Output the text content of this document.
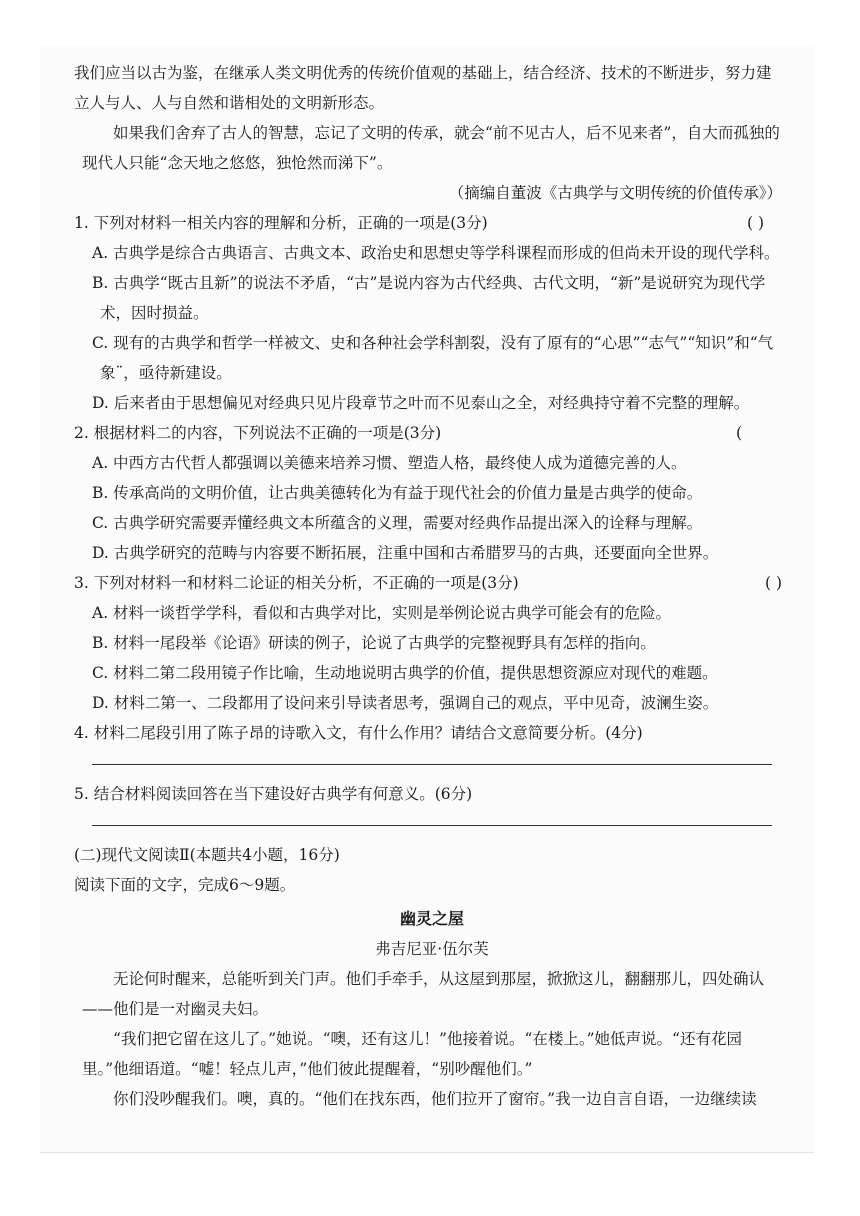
我们应当以古为鉴，在继承人类文明优秀的传统价值观的基础上，结合经济、技术的不断进步，努力建立人与人、人与自然和谐相处的文明新形态。

如果我们舍弃了古人的智慧，忘记了文明的传承，就会“前不见古人，后不见来者”，自大而孤独的现代人只能“念天地之悠悠，独怆然而涕下”。

（摘编自董波《古典学与文明传统的价值传承》）

1. 下列对材料一相关内容的理解和分析，正确的一项是(3分)	( )

A. 古典学是综合古典语言、古典文本、政治史和思想史等学科课程而形成的但尚未开设的现代学科。

B. 古典学“既古且新”的说法不矛盾，“古”是说内容为古代经典、古代文明，“新”是说研究为现代学术，因时损益。

C. 现有的古典学和哲学一样被文、史和各种社会学科割裂，没有了原有的“心思”“志气”“知识”和“气象¨，亟待新建设。

D. 后来者由于思想偏见对经典只见片段章节之叶而不见泰山之全，对经典持守着不完整的理解。

2. 根据材料二的内容，下列说法不正确的一项是(3分)	(

A. 中西方古代哲人都强调以美德来培养习惯、塑造人格，最终使人成为道德完善的人。

B. 传承高尚的文明价值，让古典美德转化为有益于现代社会的价值力量是古典学的使命。

C. 古典学研究需要弄懂经典文本所蕴含的义理，需要对经典作品提出深入的诠释与理解。

D. 古典学研究的范畴与内容要不断拓展，注重中国和古希腊罗马的古典，还要面向全世界。

3. 下列对材料一和材料二论证的相关分析，不正确的一项是(3分)	( )

A. 材料一谈哲学学科，看似和古典学对比，实则是举例论说古典学可能会有的危险。

B. 材料一尾段举《论语》研读的例子，论说了古典学的完整视野具有怎样的指向。

C. 材料二第二段用镜子作比喻，生动地说明古典学的价值，提供思想资源应对现代的难题。

D. 材料二第一、二段都用了设问来引导读者思考，强调自己的观点，平中见奇，波澜生姿。

4. 材料二尾段引用了陈子昂的诗歌入文，有什么作用？请结合文意简要分析。(4分)

5. 结合材料阅读回答在当下建设好古典学有何意义。(6分)

(二)现代文阅读Ⅱ(本题共4小题，16分)

阅读下面的文字，完成6～9题。

幽灵之屋

弗吉尼亚·伍尔芙

无论何时醒来，总能听到关门声。他们手牵手，从这屋到那屋，掀掀这儿，翻翻那儿，四处确认——他们是一对幽灵夫妇。

“我们把它留在这儿了。”她说。“噢，还有这儿！”他接着说。“在楼上。”她低声说。“还有花园里。”他细语道。“嘘！轻点儿声，”他们彼此提醒着，“别吵醒他们。”

你们没吵醒我们。噢，真的。“他们在找东西，他们拉开了窗帘。”我一边自言自语，一边继续读
